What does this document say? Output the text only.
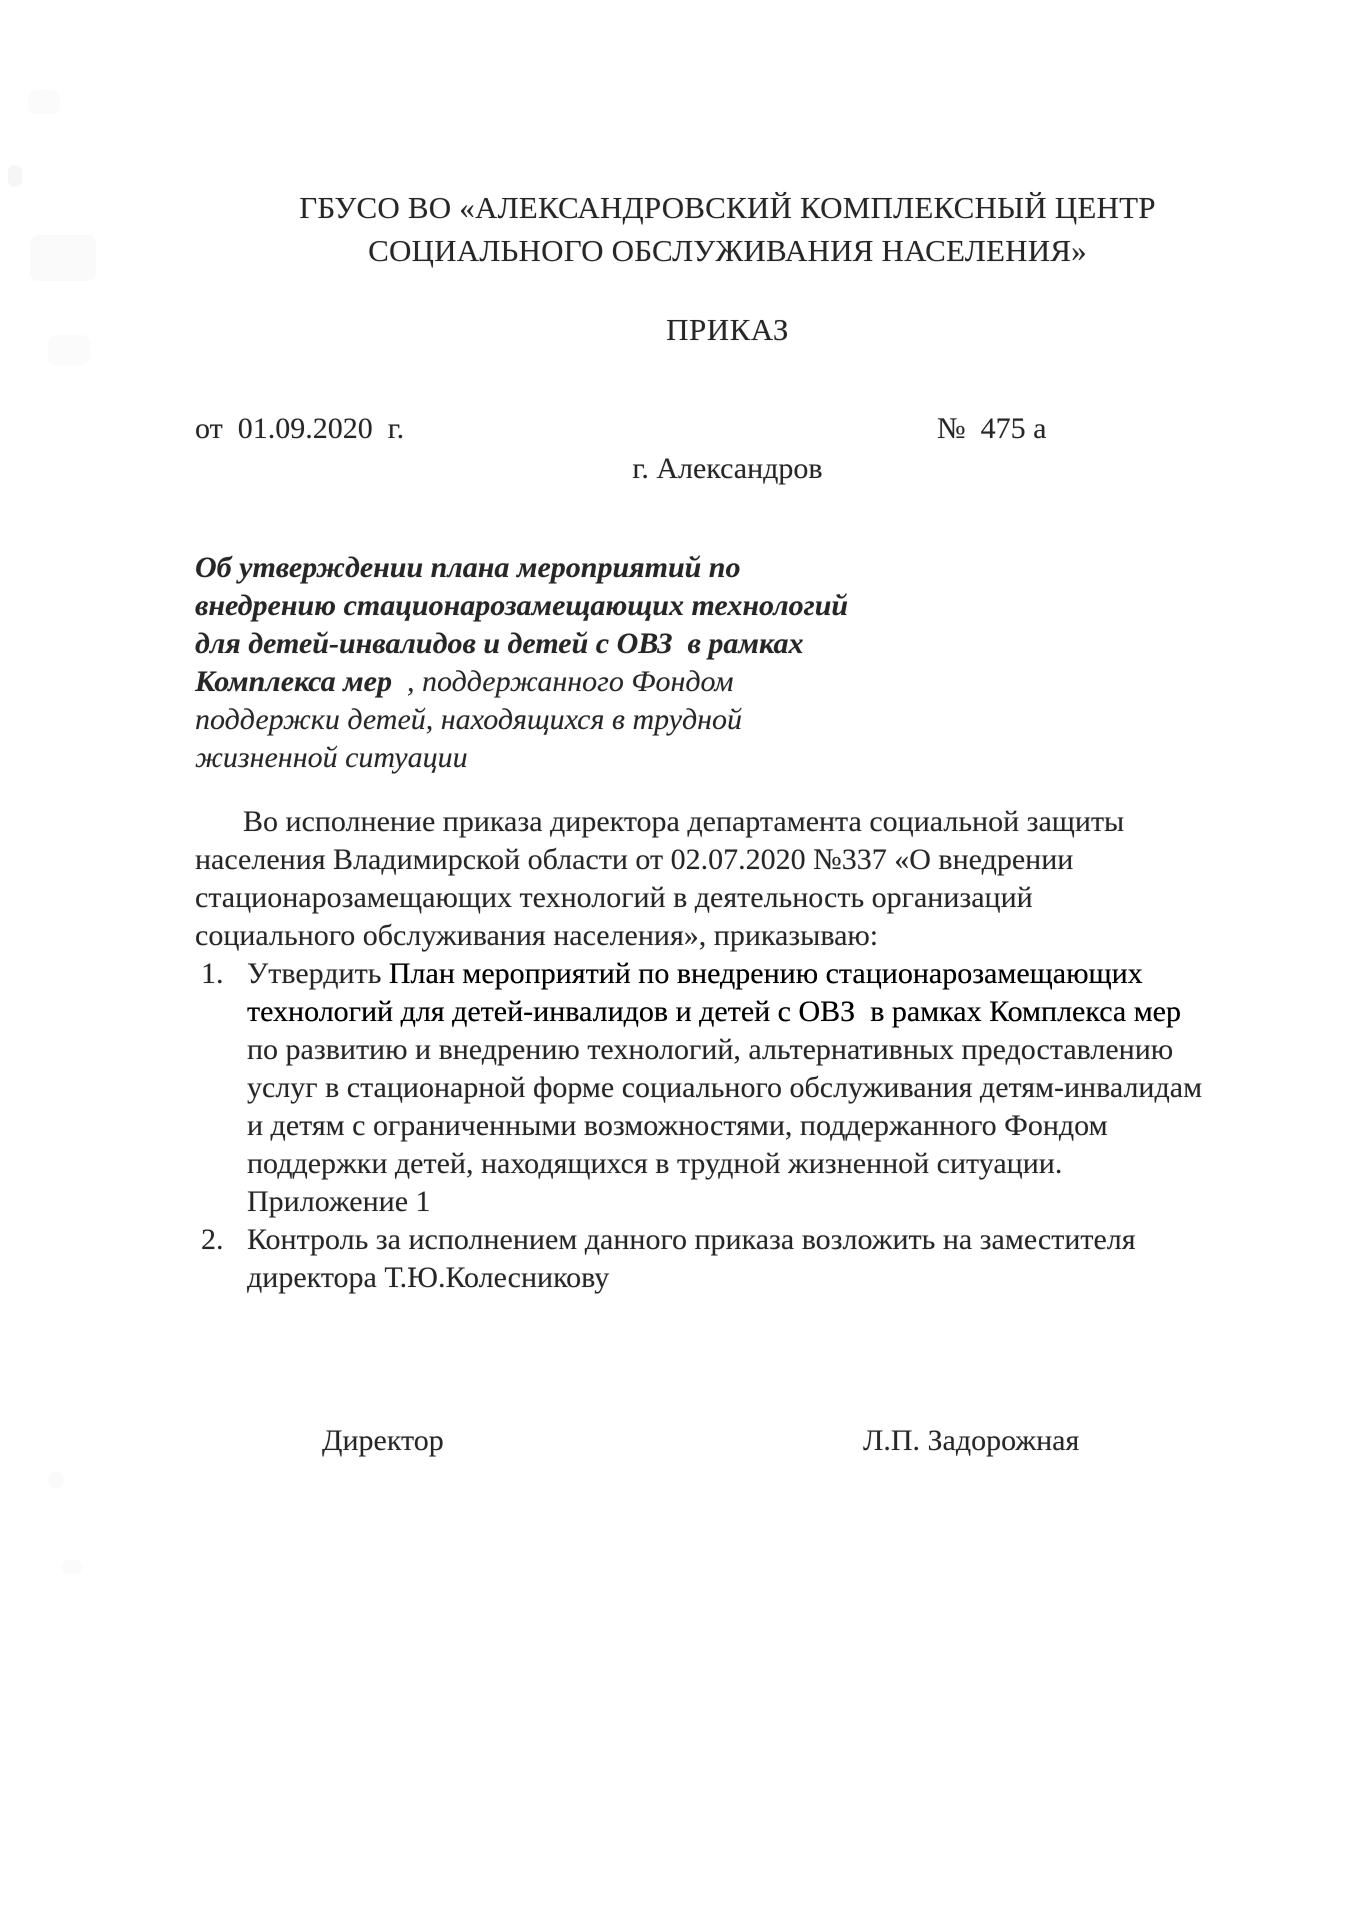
ГБУСО ВО «АЛЕКСАНДРОВСКИЙ КОМПЛЕКСНЫЙ ЦЕНТР
СОЦИАЛЬНОГО ОБСЛУЖИВАНИЯ НАСЕЛЕНИЯ»
ПРИКАЗ
от  01.09.2020  г.	№  475 а
г. Александров
Об утверждении плана мероприятий по
внедрению стационарозамещающих технологий
для детей-инвалидов и детей с ОВЗ  в рамках
Комплекса мер  , поддержанного Фондом
поддержки детей, находящихся в трудной
жизненной ситуации
Во исполнение приказа директора департамента социальной защиты
населения Владимирской области от 02.07.2020 №337 «О внедрении
стационарозамещающих технологий в деятельность организаций
социального обслуживания населения», приказываю:
1. Утвердить План мероприятий по внедрению стационарозамещающих
технологий для детей-инвалидов и детей с ОВЗ  в рамках Комплекса мер
по развитию и внедрению технологий, альтернативных предоставлению
услуг в стационарной форме социального обслуживания детям-инвалидам
и детям с ограниченными возможностями, поддержанного Фондом
поддержки детей, находящихся в трудной жизненной ситуации.
Приложение 1
2. Контроль за исполнением данного приказа возложить на заместителя
директора Т.Ю.Колесникову
Директор	Л.П. Задорожная
